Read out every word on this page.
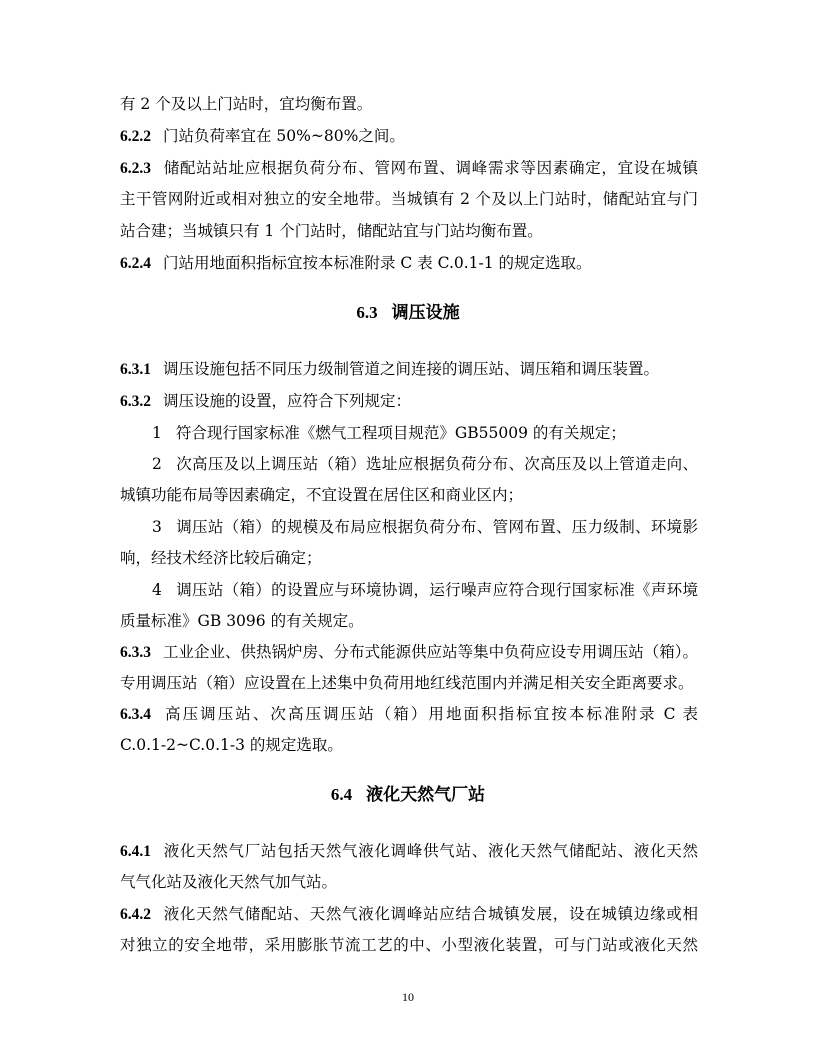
有 2 个及以上门站时，宜均衡布置。

6.2.2 门站负荷率宜在 50%~80%之间。

6.2.3 储配站站址应根据负荷分布、管网布置、调峰需求等因素确定，宜设在城镇

主干管网附近或相对独立的安全地带。当城镇有 2 个及以上门站时，储配站宜与门

站合建；当城镇只有 1 个门站时，储配站宜与门站均衡布置。

6.2.4 门站用地面积指标宜按本标准附录 C 表 C.0.1-1 的规定选取。

6.3 调压设施

6.3.1 调压设施包括不同压力级制管道之间连接的调压站、调压箱和调压装置。

6.3.2 调压设施的设置，应符合下列规定：

1 符合现行国家标准《燃气工程项目规范》GB55009 的有关规定；

2 次高压及以上调压站（箱）选址应根据负荷分布、次高压及以上管道走向、

城镇功能布局等因素确定，不宜设置在居住区和商业区内；

3 调压站（箱）的规模及布局应根据负荷分布、管网布置、压力级制、环境影

响，经技术经济比较后确定；

4 调压站（箱）的设置应与环境协调，运行噪声应符合现行国家标准《声环境

质量标准》GB 3096 的有关规定。

6.3.3 工业企业、供热锅炉房、分布式能源供应站等集中负荷应设专用调压站（箱）。

专用调压站（箱）应设置在上述集中负荷用地红线范围内并满足相关安全距离要求。

6.3.4 高压调压站、次高压调压站（箱）用地面积指标宜按本标准附录 C 表

C.0.1-2~C.0.1-3 的规定选取。

6.4 液化天然气厂站

6.4.1 液化天然气厂站包括天然气液化调峰供气站、液化天然气储配站、液化天然

气气化站及液化天然气加气站。

6.4.2 液化天然气储配站、天然气液化调峰站应结合城镇发展，设在城镇边缘或相

对独立的安全地带，采用膨胀节流工艺的中、小型液化装置，可与门站或液化天然

10
